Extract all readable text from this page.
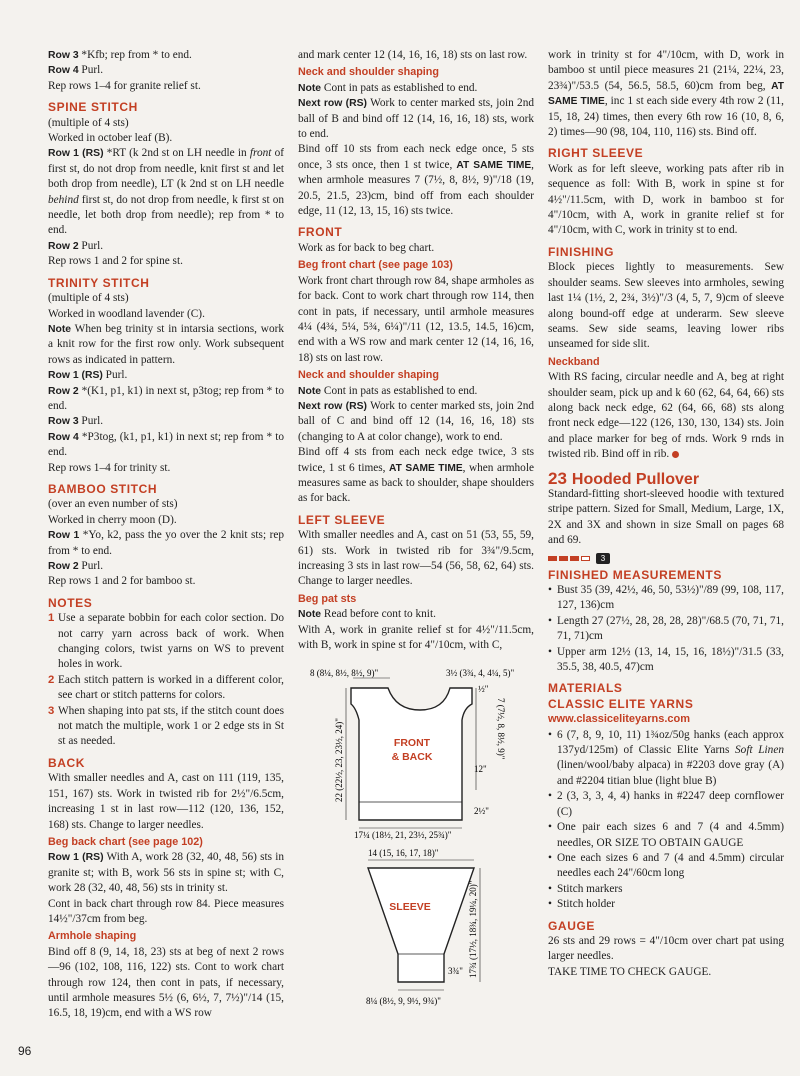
Row 3 *Kfb; rep from * to end.

Row 4 Purl.

Rep rows 1–4 for granite relief st.

SPINE STITCH

(multiple of 4 sts)

Worked in october leaf (B).

Row 1 (RS) *RT (k 2nd st on LH needle in front of first st, do not drop from needle, knit first st and let both drop from needle), LT (k 2nd st on LH needle behind first st, do not drop from needle, k first st on needle, let both drop from needle); rep from * to end.

Row 2 Purl.

Rep rows 1 and 2 for spine st.

TRINITY STITCH

(multiple of 4 sts)

Worked in woodland lavender (C).

Note When beg trinity st in intarsia sections, work a knit row for the first row only. Work subsequent rows as indicated in pattern.

Row 1 (RS) Purl.

Row 2 *(K1, p1, k1) in next st, p3tog; rep from * to end.

Row 3 Purl.

Row 4 *P3tog, (k1, p1, k1) in next st; rep from * to end.

Rep rows 1–4 for trinity st.

BAMBOO STITCH

(over an even number of sts)

Worked in cherry moon (D).

Row 1 *Yo, k2, pass the yo over the 2 knit sts; rep from * to end.

Row 2 Purl.

Rep rows 1 and 2 for bamboo st.

NOTES
1 Use a separate bobbin for each color section. Do not carry yarn across back of work. When changing colors, twist yarns on WS to prevent holes in work.

2 Each stitch pattern is worked in a different color, see chart or stitch patterns for colors.

3 When shaping into pat sts, if the stitch count does not match the multiple, work 1 or 2 edge sts in St st as needed.

BACK

With smaller needles and A, cast on 111 (119, 135, 151, 167) sts. Work in twisted rib for 2½"/6.5cm, increasing 1 st in last row—112 (120, 136, 152, 168) sts. Change to larger needles.

Beg back chart (see page 102)

Row 1 (RS) With A, work 28 (32, 40, 48, 56) sts in granite st; with B, work 56 sts in spine st; with C, work 28 (32, 40, 48, 56) sts in trinity st.

Cont in back chart through row 84. Piece measures 14½"/37cm from beg.

Armhole shaping

Bind off 8 (9, 14, 18, 23) sts at beg of next 2 rows—96 (102, 108, 116, 122) sts. Cont to work chart through row 124, then cont in pats, if necessary, until armhole measures 5½ (6, 6½, 7, 7½)"/14 (15, 16.5, 18, 19)cm, end with a WS row

and mark center 12 (14, 16, 16, 18) sts on last row.

Neck and shoulder shaping

Note Cont in pats as established to end.

Next row (RS) Work to center marked sts, join 2nd ball of B and bind off 12 (14, 16, 16, 18) sts, work to end.

Bind off 10 sts from each neck edge once, 5 sts once, 3 sts once, then 1 st twice, AT SAME TIME, when armhole measures 7 (7½, 8, 8½, 9)"/18 (19, 20.5, 21.5, 23)cm, bind off from each shoulder edge, 11 (12, 13, 15, 16) sts twice.

FRONT

Work as for back to beg chart.

Beg front chart (see page 103)

Work front chart through row 84, shape armholes as for back. Cont to work chart through row 114, then cont in pats, if necessary, until armhole measures 4¼ (4¾, 5¼, 5¾, 6¼)"/11 (12, 13.5, 14.5, 16)cm, end with a WS row and mark center 12 (14, 16, 16, 18) sts on last row.

Neck and shoulder shaping

Note Cont in pats as established to end.

Next row (RS) Work to center marked sts, join 2nd ball of C and bind off 12 (14, 16, 16, 18) sts (changing to A at color change), work to end.

Bind off 4 sts from each neck edge twice, 3 sts twice, 1 st 6 times, AT SAME TIME, when armhole measures same as back to shoulder, shape shoulders as for back.

LEFT SLEEVE

With smaller needles and A, cast on 51 (53, 55, 59, 61) sts. Work in twisted rib for 3¾"/9.5cm, increasing 3 sts in last row—54 (56, 58, 62, 64) sts. Change to larger needles.

Beg pat sts

Note Read before cont to knit.

With A, work in granite relief st for 4½"/11.5cm, with B, work in spine st for 4"/10cm, with C,

FRONT
& BACK
8 (8¼, 8½, 8½, 9)"	3½ (3¾, 4, 4¼, 5)"
½"
7 (7½, 8, 8½, 9)"
12"
2½"
22 (22½, 23, 23½, 24)"
17¼ (18½, 21, 23½, 25¾)"
14 (15, 16, 17, 18)"
SLEEVE	17¾ (17½, 18¾, 19¼, 20)"
3¾"
8¼ (8½, 9, 9½, 9¾)"

work in trinity st for 4"/10cm, with D, work in bamboo st until piece measures 21 (21¼, 22¼, 23, 23¾)"/53.5 (54, 56.5, 58.5, 60)cm from beg, AT SAME TIME, inc 1 st each side every 4th row 2 (11, 15, 18, 24) times, then every 6th row 16 (10, 8, 6, 2) times—90 (98, 104, 110, 116) sts. Bind off.

RIGHT SLEEVE

Work as for left sleeve, working pats after rib in sequence as foll: With B, work in spine st for 4½"/11.5cm, with D, work in bamboo st for 4"/10cm, with A, work in granite relief st for 4"/10cm, with C, work in trinity st to end.

FINISHING

Block pieces lightly to measurements. Sew shoulder seams. Sew sleeves into armholes, sewing last 1¼ (1½, 2, 2¾, 3½)"/3 (4, 5, 7, 9)cm of sleeve along bound-off edge at underarm. Sew sleeve seams. Sew side seams, leaving lower ribs unseamed for side slit.

Neckband

With RS facing, circular needle and A, beg at right shoulder seam, pick up and k 60 (62, 64, 64, 66) sts along back neck edge, 62 (64, 66, 68) sts along front neck edge—122 (126, 130, 130, 134) sts. Join and place marker for beg of rnds. Work 9 rnds in twisted rib. Bind off in rib.

23 Hooded Pullover

Standard-fitting short-sleeved hoodie with textured stripe pattern. Sized for Small, Medium, Large, 1X, 2X and 3X and shown in size Small on pages 68 and 69.

3
FINISHED MEASUREMENTS
• Bust 35 (39, 42½, 46, 50, 53½)"/89 (99, 108, 117, 127, 136)cm

• Length 27 (27½, 28, 28, 28, 28)"/68.5 (70, 71, 71, 71, 71)cm

• Upper arm 12½ (13, 14, 15, 16, 18½)"/31.5 (33, 35.5, 38, 40.5, 47)cm

MATERIALS
CLASSIC ELITE YARNS
www.classiceliteyarns.com
• 6 (7, 8, 9, 10, 11) 1¾oz/50g hanks (each approx 137yd/125m) of Classic Elite Yarns Soft Linen (linen/wool/baby alpaca) in #2203 dove gray (A) and #2204 titian blue (light blue B)

• 2 (3, 3, 3, 4, 4) hanks in #2247 deep cornflower (C)

• One pair each sizes 6 and 7 (4 and 4.5mm) needles, OR SIZE TO OBTAIN GAUGE

• One each sizes 6 and 7 (4 and 4.5mm) circular needles each 24"/60cm long

• Stitch markers

• Stitch holder

GAUGE

26 sts and 29 rows = 4"/10cm over chart pat using larger needles.

TAKE TIME TO CHECK GAUGE.

96
